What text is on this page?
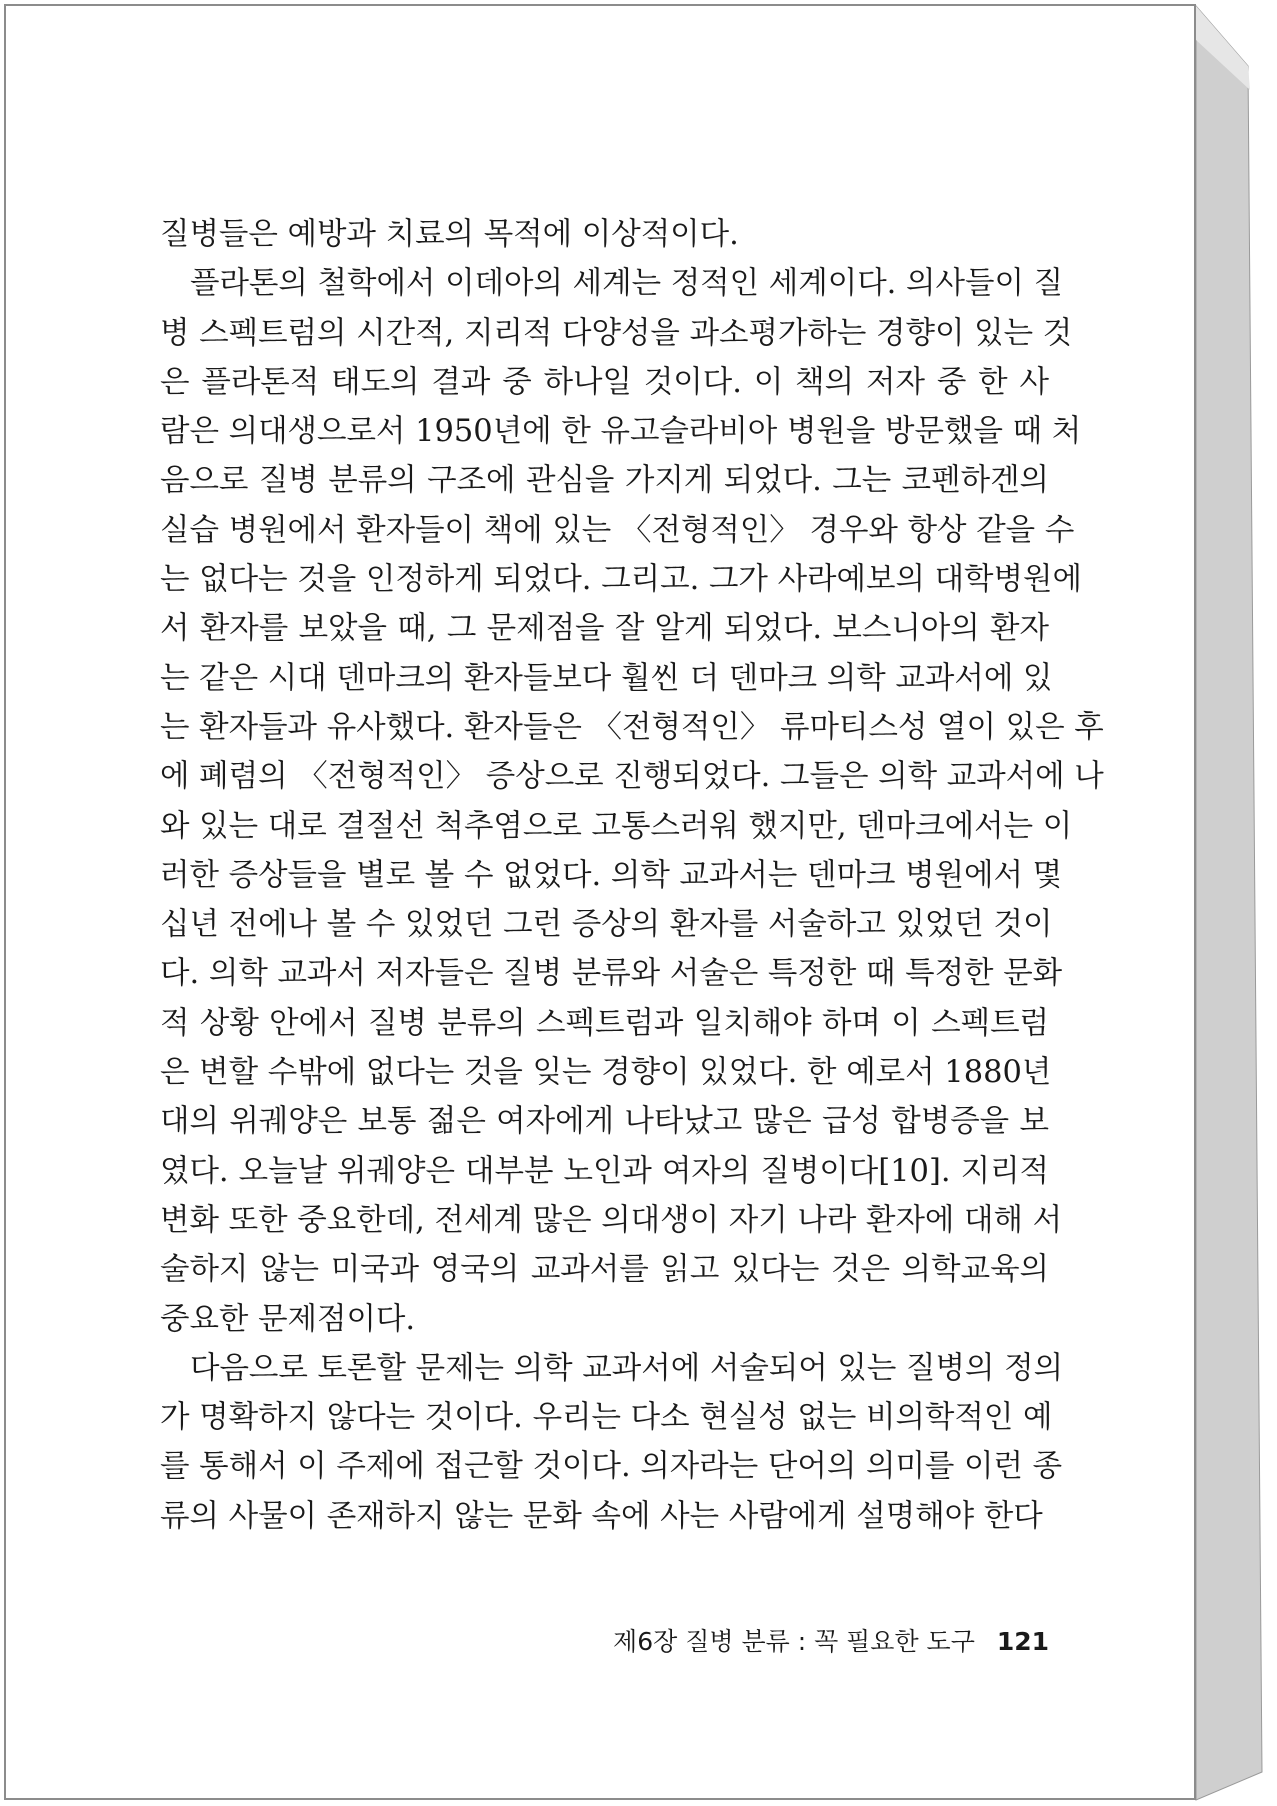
질병들은 예방과 치료의 목적에 이상적이다.
플라톤의 철학에서 이데아의 세계는 정적인 세계이다. 의사들이 질
병 스펙트럼의 시간적, 지리적 다양성을 과소평가하는 경향이 있는 것
은 플라톤적 태도의 결과 중 하나일 것이다. 이 책의 저자 중 한 사
람은 의대생으로서 1950년에 한 유고슬라비아 병원을 방문했을 때 처
음으로 질병 분류의 구조에 관심을 가지게 되었다. 그는 코펜하겐의
실습 병원에서 환자들이 책에 있는 〈전형적인〉 경우와 항상 같을 수
는 없다는 것을 인정하게 되었다. 그리고. 그가 사라예보의 대학병원에
서 환자를 보았을 때, 그 문제점을 잘 알게 되었다. 보스니아의 환자
는 같은 시대 덴마크의 환자들보다 훨씬 더 덴마크 의학 교과서에 있
는 환자들과 유사했다. 환자들은 〈전형적인〉 류마티스성 열이 있은 후
에 폐렴의 〈전형적인〉 증상으로 진행되었다. 그들은 의학 교과서에 나
와 있는 대로 결절선 척추염으로 고통스러워 했지만, 덴마크에서는 이
러한 증상들을 별로 볼 수 없었다. 의학 교과서는 덴마크 병원에서 몇
십년 전에나 볼 수 있었던 그런 증상의 환자를 서술하고 있었던 것이
다. 의학 교과서 저자들은 질병 분류와 서술은 특정한 때 특정한 문화
적 상황 안에서 질병 분류의 스펙트럼과 일치해야 하며 이 스펙트럼
은 변할 수밖에 없다는 것을 잊는 경향이 있었다. 한 예로서 1880년
대의 위궤양은 보통 젊은 여자에게 나타났고 많은 급성 합병증을 보
였다. 오늘날 위궤양은 대부분 노인과 여자의 질병이다[10]. 지리적
변화 또한 중요한데, 전세계 많은 의대생이 자기 나라 환자에 대해 서
술하지 않는 미국과 영국의 교과서를 읽고 있다는 것은 의학교육의
중요한 문제점이다.
다음으로 토론할 문제는 의학 교과서에 서술되어 있는 질병의 정의
가 명확하지 않다는 것이다. 우리는 다소 현실성 없는 비의학적인 예
를 통해서 이 주제에 접근할 것이다. 의자라는 단어의 의미를 이런 종
류의 사물이 존재하지 않는 문화 속에 사는 사람에게 설명해야 한다
제6장 질병 분류 : 꼭 필요한 도구 121
